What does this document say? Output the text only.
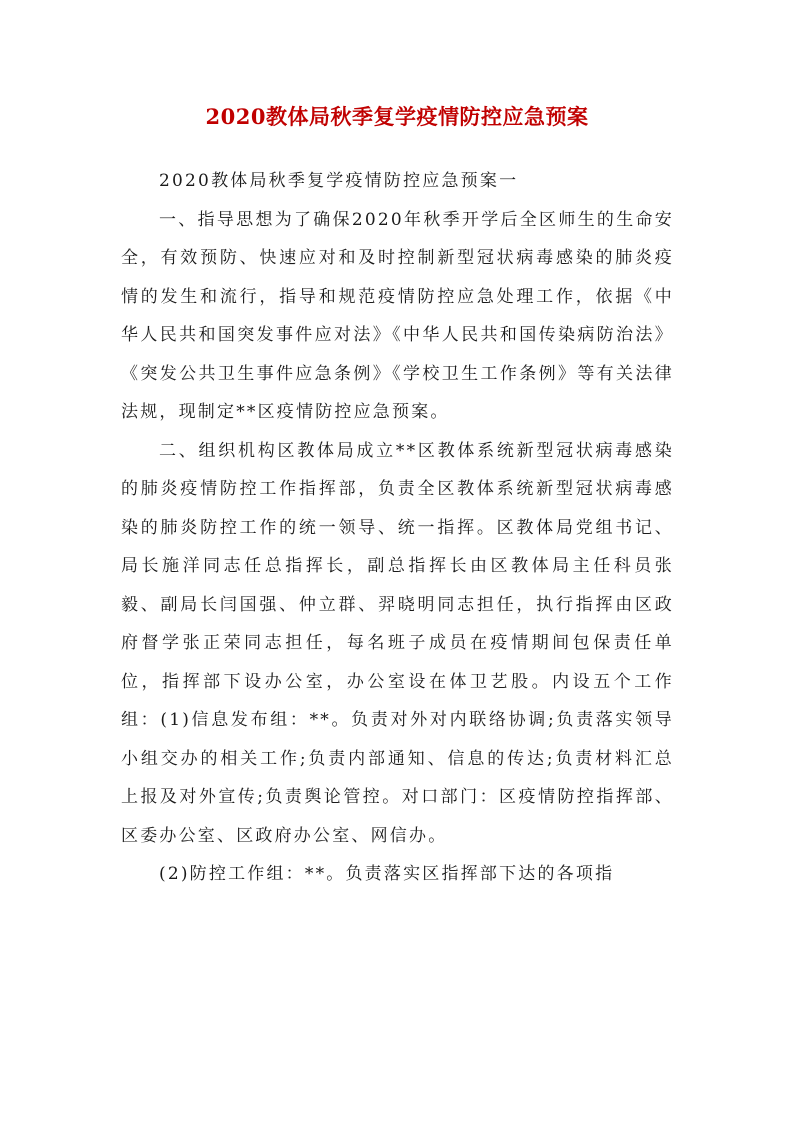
2020教体局秋季复学疫情防控应急预案

2020教体局秋季复学疫情防控应急预案一

一、指导思想为了确保2020年秋季开学后全区师生的生命安全，有效预防、快速应对和及时控制新型冠状病毒感染的肺炎疫情的发生和流行，指导和规范疫情防控应急处理工作，依据《中华人民共和国突发事件应对法》《中华人民共和国传染病防治法》《突发公共卫生事件应急条例》《学校卫生工作条例》等有关法律法规，现制定**区疫情防控应急预案。

二、组织机构区教体局成立**区教体系统新型冠状病毒感染的肺炎疫情防控工作指挥部，负责全区教体系统新型冠状病毒感染的肺炎防控工作的统一领导、统一指挥。区教体局党组书记、局长施洋同志任总指挥长，副总指挥长由区教体局主任科员张毅、副局长闫国强、仲立群、羿晓明同志担任，执行指挥由区政府督学张正荣同志担任，每名班子成员在疫情期间包保责任单位，指挥部下设办公室，办公室设在体卫艺股。内设五个工作组：(1)信息发布组：**。负责对外对内联络协调;负责落实领导小组交办的相关工作;负责内部通知、信息的传达;负责材料汇总上报及对外宣传;负责舆论管控。对口部门：区疫情防控指挥部、区委办公室、区政府办公室、网信办。

(2)防控工作组：**。负责落实区指挥部下达的各项指
